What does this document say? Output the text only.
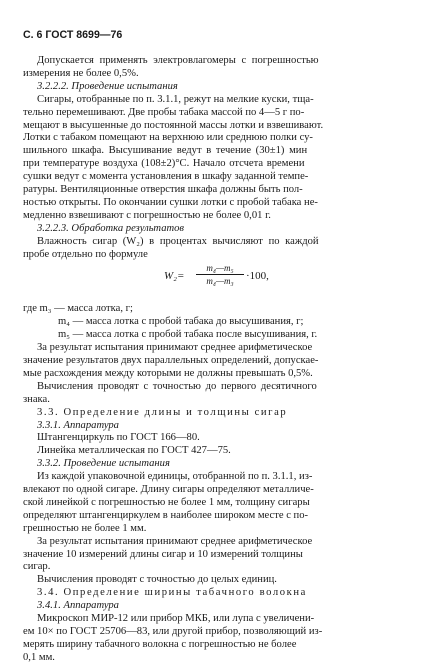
С. 6 ГОСТ 8699—76
Допускается применять электровлагомеры с погрешностью
измерения не более 0,5%.
3.2.2.2. Проведение испытания
Сигары, отобранные по п. 3.1.1, режут на мелкие куски, тща-
тельно перемешивают. Две пробы табака массой по 4—5 г по-
мещают в высушенные до постоянной массы лотки и взвешивают.
Лотки с табаком помещают на верхнюю или среднюю полки су-
шильного шкафа. Высушивание ведут в течение (30±1) мин
при температуре воздуха (108±2)°С. Начало отсчета времени
сушки ведут с момента установления в шкафу заданной темпе-
ратуры. Вентиляционные отверстия шкафа должны быть пол-
ностью открыты. По окончании сушки лотки с пробой табака не-
медленно взвешивают с погрешностью не более 0,01 г.
3.2.2.3. Обработка результатов
Влажность сигар (W₂) в процентах вычисляют по каждой
пробе отдельно по формуле
$W_2= \frac{\text{m₄—m₅}}{\text{m₄—m₃}} \cdot 100$,
где m₃ — масса лотка, г;
m₄ — масса лотка с пробой табака до высушивания, г;
m₅ — масса лотка с пробой табака после высушивания, г.
За результат испытания принимают среднее арифметическое
значение результатов двух параллельных определений, допускае-
мые расхождения между которыми не должны превышать 0,5%.
Вычисления проводят с точностью до первого десятичного
знака.
3.3. Определение длины и толщины сигар
3.3.1. Аппаратура
Штангенциркуль по ГОСТ 166—80.
Линейка металлическая по ГОСТ 427—75.
3.3.2. Проведение испытания
Из каждой упаковочной единицы, отобранной по п. 3.1.1, из-
влекают по одной сигаре. Длину сигары определяют металличе-
ской линейкой с погрешностью не более 1 мм, толщину сигары
определяют штангенциркулем в наиболее широком месте с по-
грешностью не более 1 мм.
За результат испытания принимают среднее арифметическое
значение 10 измерений длины сигар и 10 измерений толщины
сигар.
Вычисления проводят с точностью до целых единиц.
3.4. Определение ширины табачного волокна
3.4.1. Аппаратура
Микроскоп МИР-12 или прибор МКБ, или лупа с увеличени-
ем 10× по ГОСТ 25706—83, или другой прибор, позволяющий из-
мерять ширину табачного волокна с погрешностью не более
0,1 мм.
